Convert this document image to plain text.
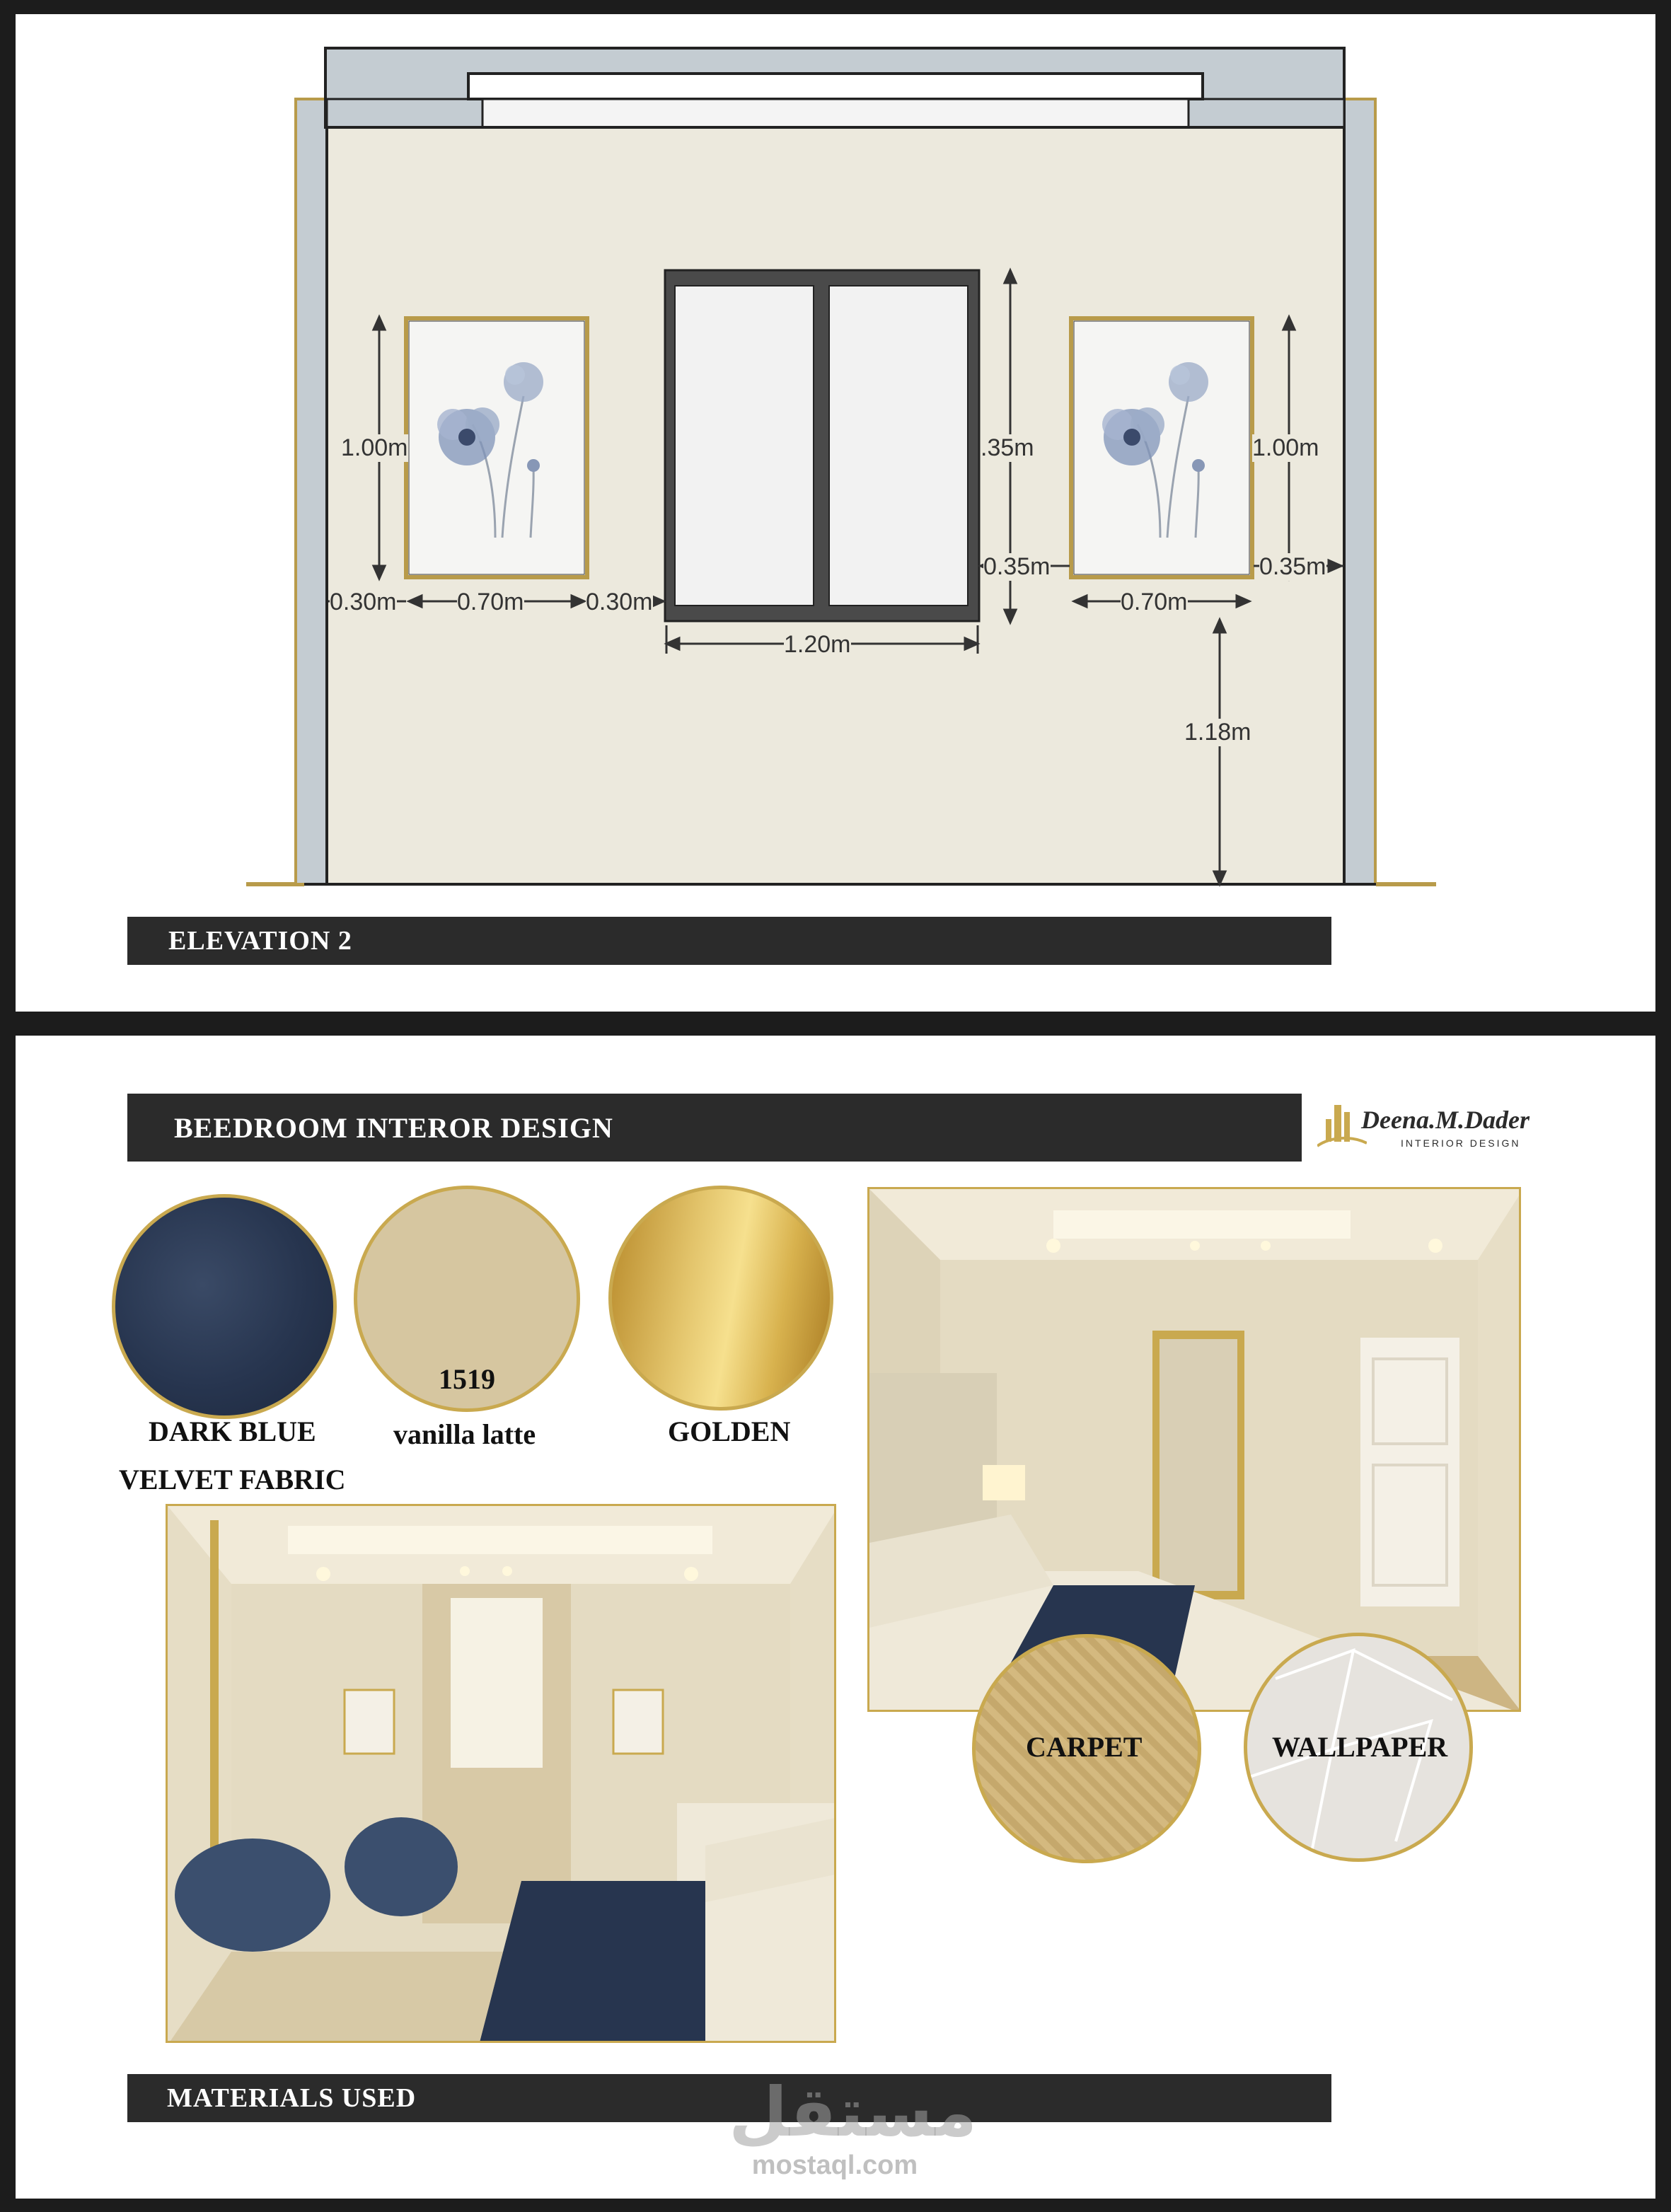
1.00m	1.00m
.35m
0.35m	0.35m
0.30m	0.70m	0.30m	0.70m
1.20m
1.18m
ELEVATION 2
BEEDROOM INTEROR DESIGN	Deena.M.Dader
INTERIOR DESIGN
1519
DARK BLUE
VELVET FABRIC
vanilla latte	GOLDEN
CARPET	WALLPAPER
MATERIALS USED	مستقل
mostaql.com
